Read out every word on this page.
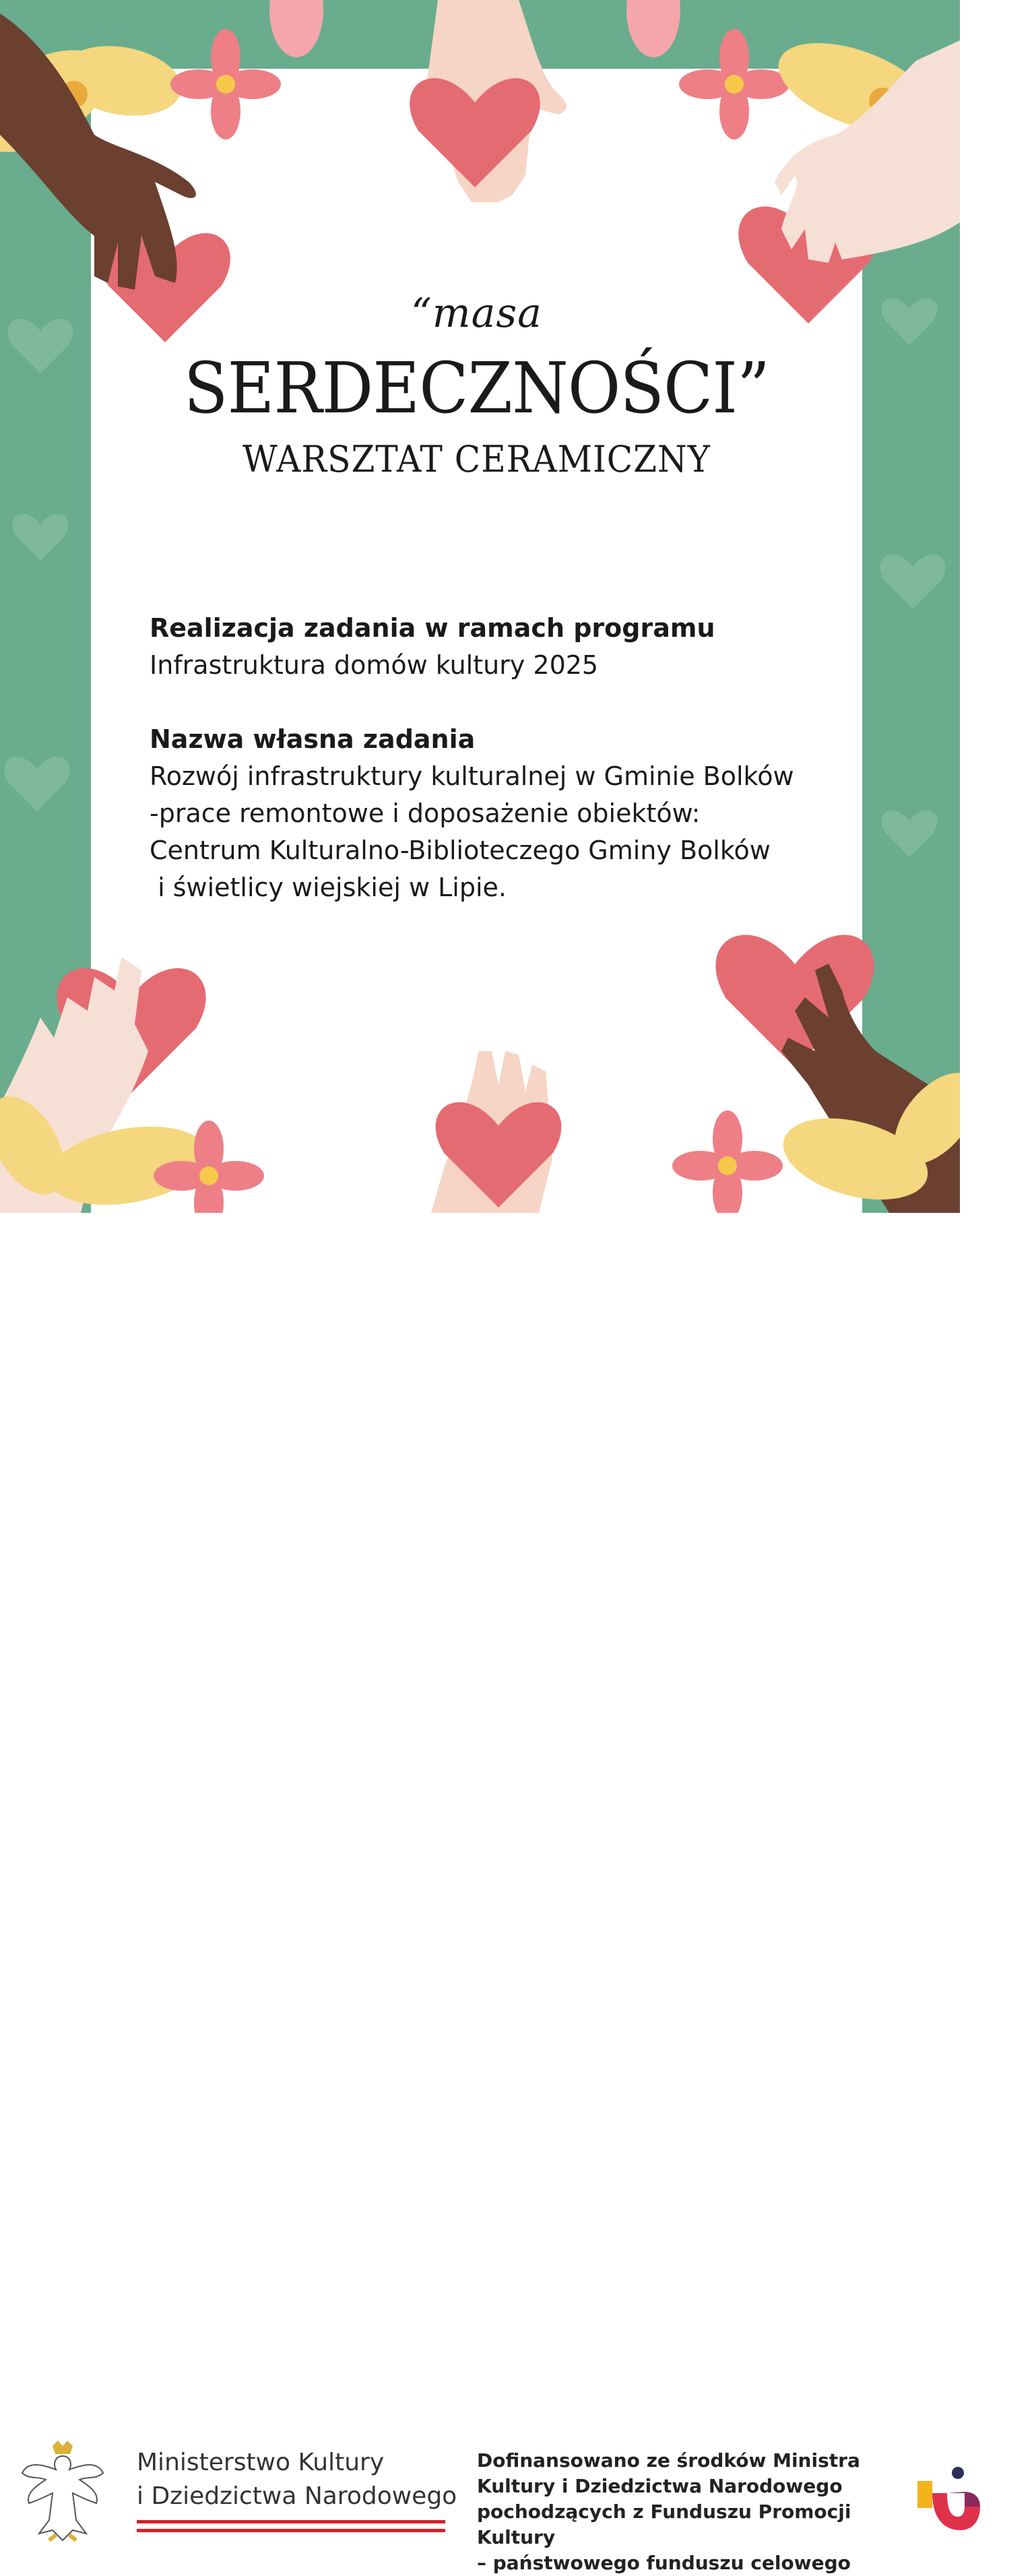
“masa
SERDECZNOŚCI”
WARSZTAT CERAMICZNY
Realizacja zadania w ramach programu
Infrastruktura domów kultury 2025
Nazwa własna zadania
Rozwój infrastruktury kulturalnej w Gminie Bolków
-prace remontowe i doposażenie obiektów:
Centrum Kulturalno-Biblioteczego Gminy Bolków
i świetlicy wiejskiej w Lipie.
Ministerstwo Kultury
i Dziedzictwa Narodowego
Dofinansowano ze środków Ministra
Kultury i Dziedzictwa Narodowego
pochodzących z Funduszu Promocji Kultury
– państwowego funduszu celowego
